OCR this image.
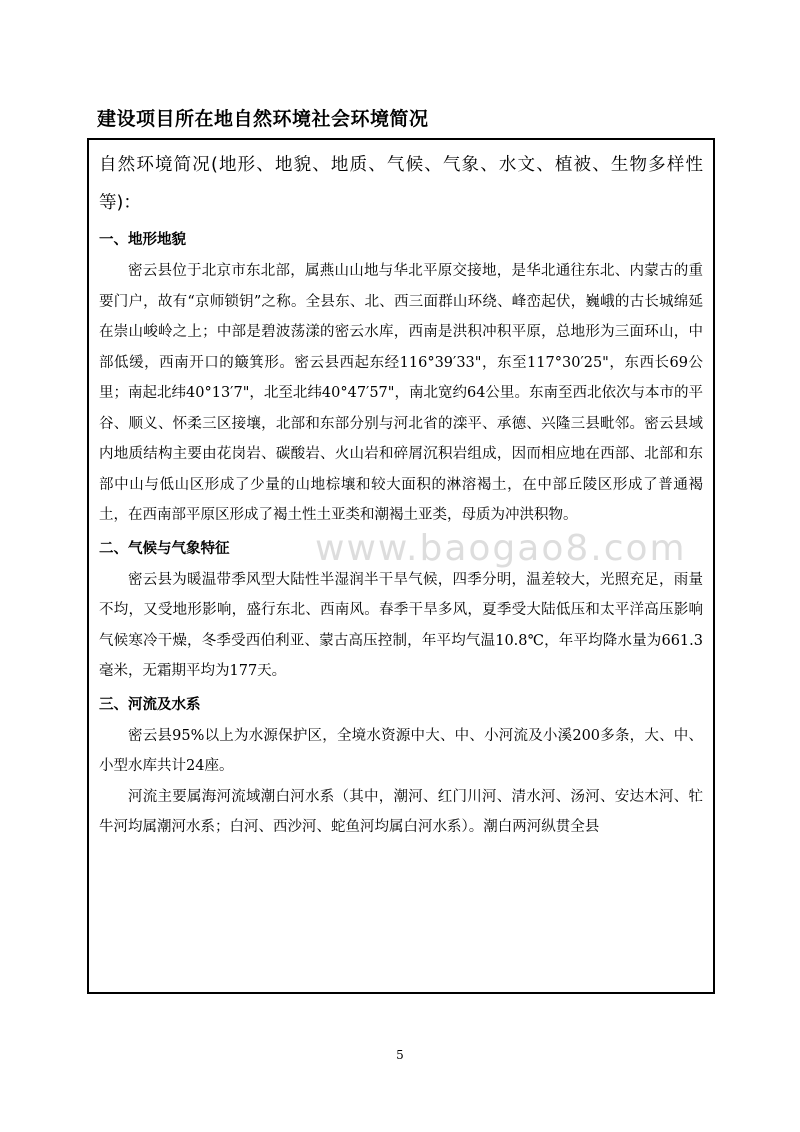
建设项目所在地自然环境社会环境简况

自然环境简况(地形、地貌、地质、气候、气象、水文、植被、生物多样性等)：

一、地形地貌

密云县位于北京市东北部，属燕山山地与华北平原交接地，是华北通往东北、内蒙古的重要门户，故有“京师锁钥”之称。全县东、北、西三面群山环绕、峰峦起伏，巍峨的古长城绵延在崇山峻岭之上；中部是碧波荡漾的密云水库，西南是洪积冲积平原，总地形为三面环山，中部低缓，西南开口的簸箕形。密云县西起东经116°39′33"，东至117°30′25"，东西长69公里；南起北纬40°13′7"，北至北纬40°47′57"，南北宽约64公里。东南至西北依次与本市的平谷、顺义、怀柔三区接壤，北部和东部分别与河北省的滦平、承德、兴隆三县毗邻。密云县域内地质结构主要由花岗岩、碳酸岩、火山岩和碎屑沉积岩组成，因而相应地在西部、北部和东部中山与低山区形成了少量的山地棕壤和较大面积的淋溶褐土，在中部丘陵区形成了普通褐土，在西南部平原区形成了褐土性土亚类和潮褐土亚类，母质为冲洪积物。

二、气候与气象特征

密云县为暖温带季风型大陆性半湿润半干旱气候，四季分明，温差较大，光照充足，雨量不均，又受地形影响，盛行东北、西南风。春季干旱多风，夏季受大陆低压和太平洋高压影响气候寒冷干燥，冬季受西伯利亚、蒙古高压控制，年平均气温10.8℃，年平均降水量为661.3毫米，无霜期平均为177天。

三、河流及水系

密云县95%以上为水源保护区，全境水资源中大、中、小河流及小溪200多条，大、中、小型水库共计24座。

河流主要属海河流域潮白河水系（其中，潮河、红门川河、清水河、汤河、安达木河、牤牛河均属潮河水系；白河、西沙河、蛇鱼河均属白河水系）。潮白两河纵贯全县

www.baogao8.com
5
